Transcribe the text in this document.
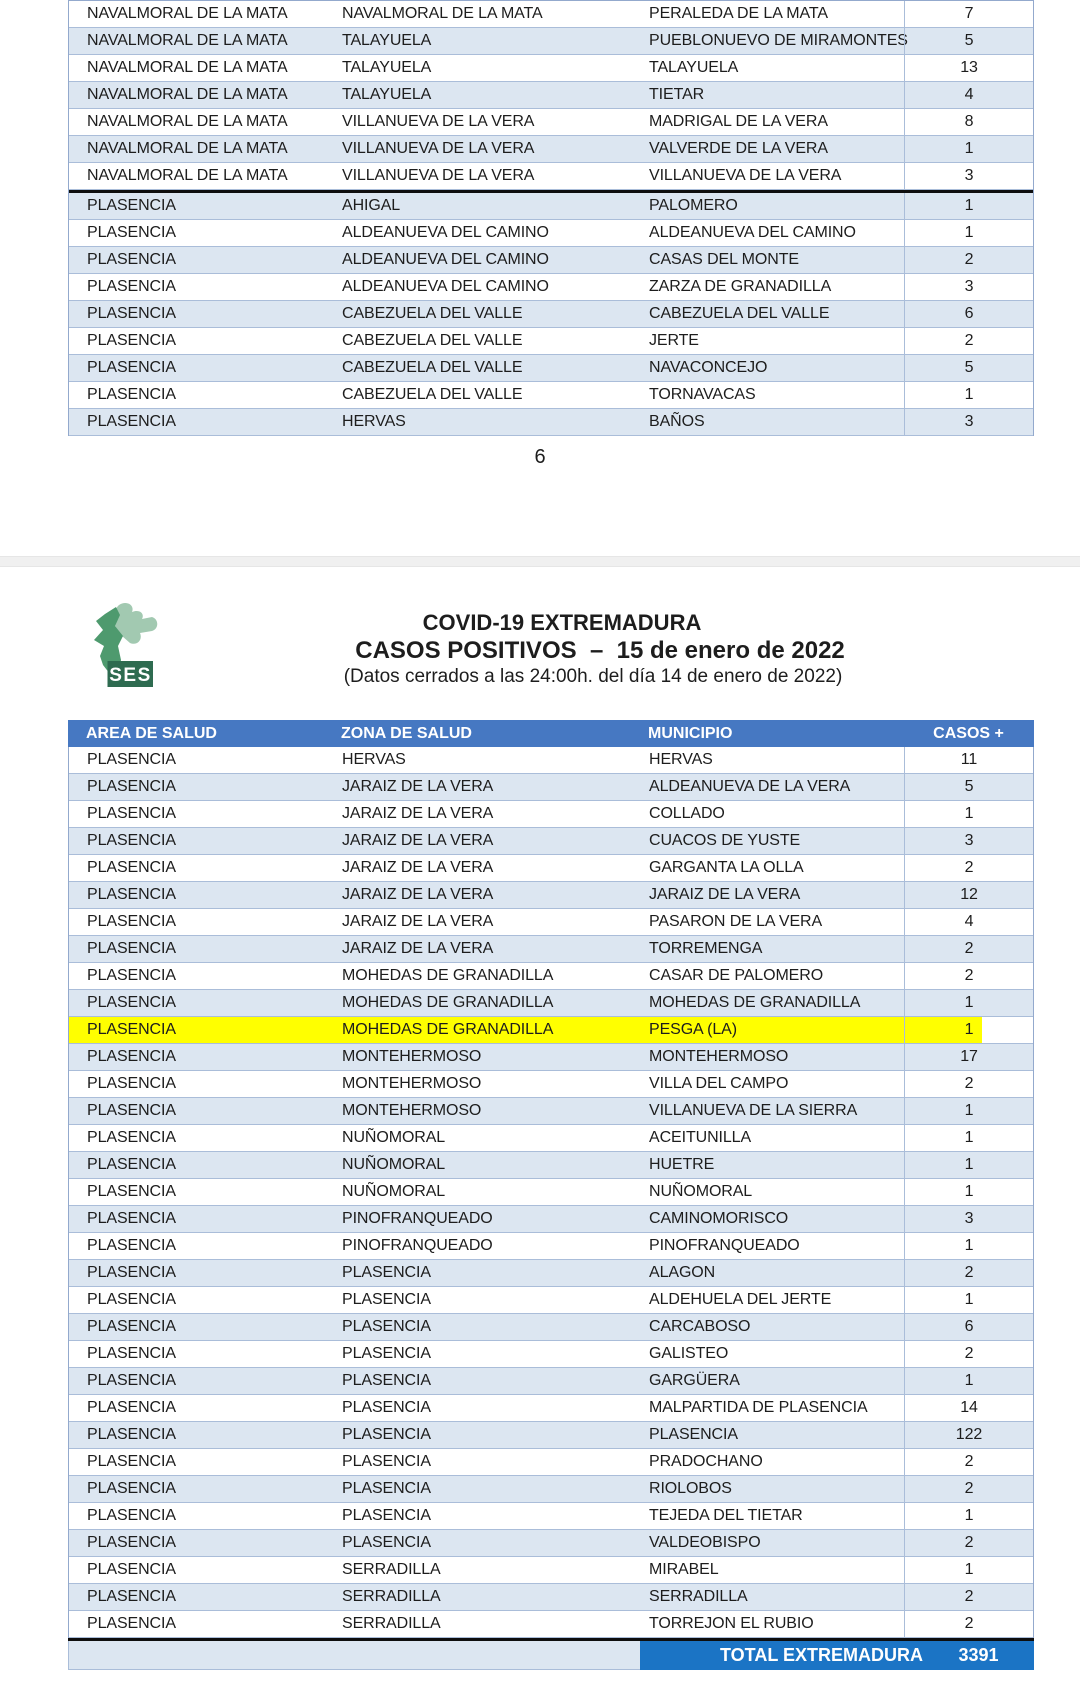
NAVALMORAL DE LA MATA	NAVALMORAL DE LA MATA	PERALEDA DE LA MATA	7
NAVALMORAL DE LA MATA	TALAYUELA	PUEBLONUEVO DE MIRAMONTES	5
NAVALMORAL DE LA MATA	TALAYUELA	TALAYUELA	13
NAVALMORAL DE LA MATA	TALAYUELA	TIETAR	4
NAVALMORAL DE LA MATA	VILLANUEVA DE LA VERA	MADRIGAL DE LA VERA	8
NAVALMORAL DE LA MATA	VILLANUEVA DE LA VERA	VALVERDE DE LA VERA	1
NAVALMORAL DE LA MATA	VILLANUEVA DE LA VERA	VILLANUEVA DE LA VERA	3
PLASENCIA	AHIGAL	PALOMERO	1
PLASENCIA	ALDEANUEVA DEL CAMINO	ALDEANUEVA DEL CAMINO	1
PLASENCIA	ALDEANUEVA DEL CAMINO	CASAS DEL MONTE	2
PLASENCIA	ALDEANUEVA DEL CAMINO	ZARZA DE GRANADILLA	3
PLASENCIA	CABEZUELA DEL VALLE	CABEZUELA DEL VALLE	6
PLASENCIA	CABEZUELA DEL VALLE	JERTE	2
PLASENCIA	CABEZUELA DEL VALLE	NAVACONCEJO	5
PLASENCIA	CABEZUELA DEL VALLE	TORNAVACAS	1
PLASENCIA	HERVAS	BAÑOS	3
6
SES
COVID-19 EXTREMADURA
CASOS POSITIVOS  –  15 de enero de 2022
(Datos cerrados a las 24:00h. del día 14 de enero de 2022)
AREA DE SALUD	ZONA DE SALUD	MUNICIPIO	CASOS +
PLASENCIA	HERVAS	HERVAS	11
PLASENCIA	JARAIZ DE LA VERA	ALDEANUEVA DE LA VERA	5
PLASENCIA	JARAIZ DE LA VERA	COLLADO	1
PLASENCIA	JARAIZ DE LA VERA	CUACOS DE YUSTE	3
PLASENCIA	JARAIZ DE LA VERA	GARGANTA LA OLLA	2
PLASENCIA	JARAIZ DE LA VERA	JARAIZ DE LA VERA	12
PLASENCIA	JARAIZ DE LA VERA	PASARON DE LA VERA	4
PLASENCIA	JARAIZ DE LA VERA	TORREMENGA	2
PLASENCIA	MOHEDAS DE GRANADILLA	CASAR DE PALOMERO	2
PLASENCIA	MOHEDAS DE GRANADILLA	MOHEDAS DE GRANADILLA	1
PLASENCIA	MOHEDAS DE GRANADILLA	PESGA (LA)	1
PLASENCIA	MONTEHERMOSO	MONTEHERMOSO	17
PLASENCIA	MONTEHERMOSO	VILLA DEL CAMPO	2
PLASENCIA	MONTEHERMOSO	VILLANUEVA DE LA SIERRA	1
PLASENCIA	NUÑOMORAL	ACEITUNILLA	1
PLASENCIA	NUÑOMORAL	HUETRE	1
PLASENCIA	NUÑOMORAL	NUÑOMORAL	1
PLASENCIA	PINOFRANQUEADO	CAMINOMORISCO	3
PLASENCIA	PINOFRANQUEADO	PINOFRANQUEADO	1
PLASENCIA	PLASENCIA	ALAGON	2
PLASENCIA	PLASENCIA	ALDEHUELA DEL JERTE	1
PLASENCIA	PLASENCIA	CARCABOSO	6
PLASENCIA	PLASENCIA	GALISTEO	2
PLASENCIA	PLASENCIA	GARGÜERA	1
PLASENCIA	PLASENCIA	MALPARTIDA DE PLASENCIA	14
PLASENCIA	PLASENCIA	PLASENCIA	122
PLASENCIA	PLASENCIA	PRADOCHANO	2
PLASENCIA	PLASENCIA	RIOLOBOS	2
PLASENCIA	PLASENCIA	TEJEDA DEL TIETAR	1
PLASENCIA	PLASENCIA	VALDEOBISPO	2
PLASENCIA	SERRADILLA	MIRABEL	1
PLASENCIA	SERRADILLA	SERRADILLA	2
PLASENCIA	SERRADILLA	TORREJON EL RUBIO	2
TOTAL EXTREMADURA	3391
